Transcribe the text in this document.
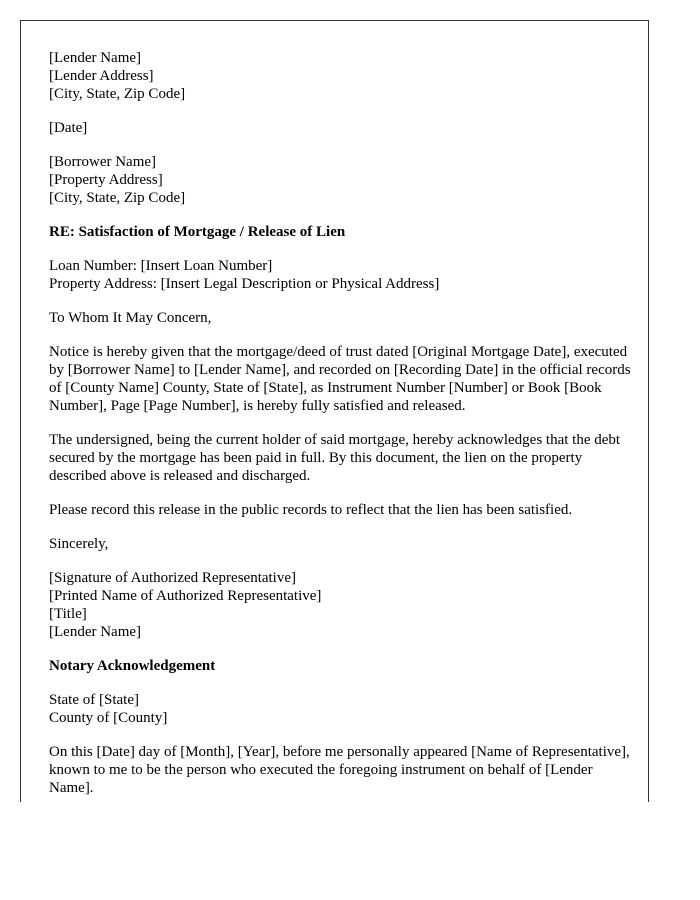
[Lender Name]
[Lender Address]
[City, State, Zip Code]

[Date]

[Borrower Name]
[Property Address]
[City, State, Zip Code]

RE: Satisfaction of Mortgage / Release of Lien

Loan Number: [Insert Loan Number]
Property Address: [Insert Legal Description or Physical Address]

To Whom It May Concern,

Notice is hereby given that the mortgage/deed of trust dated [Original Mortgage Date], executed by [Borrower Name] to [Lender Name], and recorded on [Recording Date] in the official records of [County Name] County, State of [State], as Instrument Number [Number] or Book [Book Number], Page [Page Number], is hereby fully satisfied and released.

The undersigned, being the current holder of said mortgage, hereby acknowledges that the debt secured by the mortgage has been paid in full. By this document, the lien on the property described above is released and discharged.

Please record this release in the public records to reflect that the lien has been satisfied.

Sincerely,

[Signature of Authorized Representative]
[Printed Name of Authorized Representative]
[Title]
[Lender Name]

Notary Acknowledgement

State of [State]
County of [County]

On this [Date] day of [Month], [Year], before me personally appeared [Name of Representative], known to me to be the person who executed the foregoing instrument on behalf of [Lender Name].
